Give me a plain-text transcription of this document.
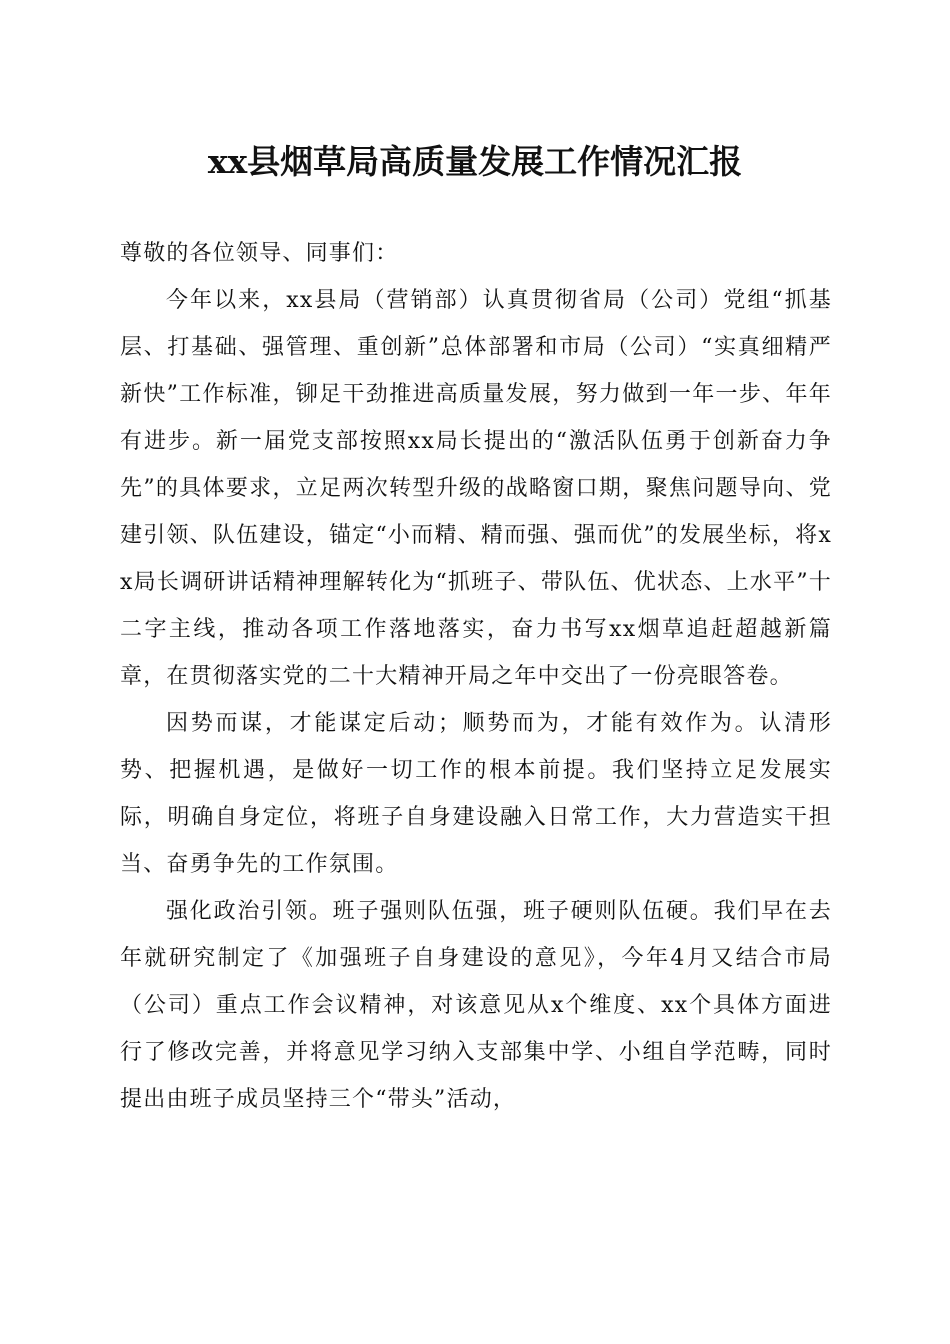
xx县烟草局高质量发展工作情况汇报

尊敬的各位领导、同事们：

今年以来，xx县局（营销部）认真贯彻省局（公司）党组“抓基层、打基础、强管理、重创新”总体部署和市局（公司）“实真细精严新快”工作标准，铆足干劲推进高质量发展，努力做到一年一步、年年有进步。新一届党支部按照xx局长提出的“激活队伍勇于创新奋力争先”的具体要求，立足两次转型升级的战略窗口期，聚焦问题导向、党建引领、队伍建设，锚定“小而精、精而强、强而优”的发展坐标，将xx局长调研讲话精神理解转化为“抓班子、带队伍、优状态、上水平”十二字主线，推动各项工作落地落实，奋力书写xx烟草追赶超越新篇章，在贯彻落实党的二十大精神开局之年中交出了一份亮眼答卷。

因势而谋，才能谋定后动；顺势而为，才能有效作为。认清形势、把握机遇，是做好一切工作的根本前提。我们坚持立足发展实际，明确自身定位，将班子自身建设融入日常工作，大力营造实干担当、奋勇争先的工作氛围。

强化政治引领。班子强则队伍强，班子硬则队伍硬。我们早在去年就研究制定了《加强班子自身建设的意见》，今年4月又结合市局（公司）重点工作会议精神，对该意见从x个维度、xx个具体方面进行了修改完善，并将意见学习纳入支部集中学、小组自学范畴，同时提出由班子成员坚持三个“带头”活动，
